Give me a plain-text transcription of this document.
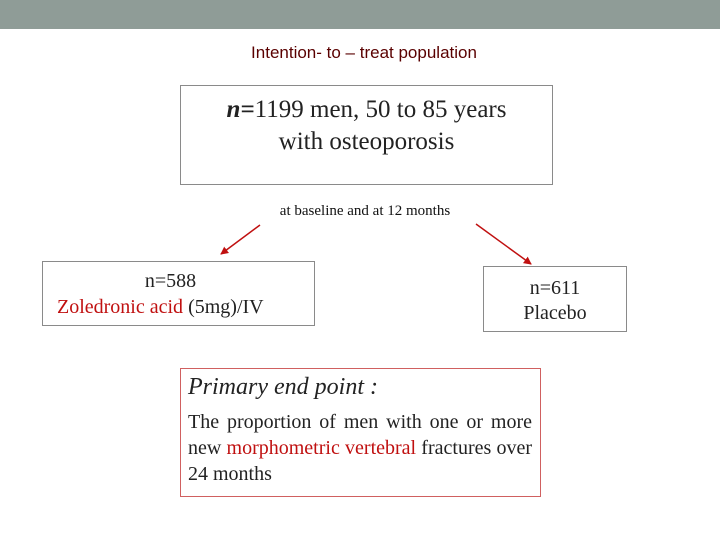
Intention- to – treat population
n=1199 men, 50 to 85 years
with osteoporosis
at baseline and at 12 months
n=588
Zoledronic acid (5mg)/IV
n=611
Placebo
Primary end point :
The proportion of men with one or more new morphometric vertebral fractures over 24 months
